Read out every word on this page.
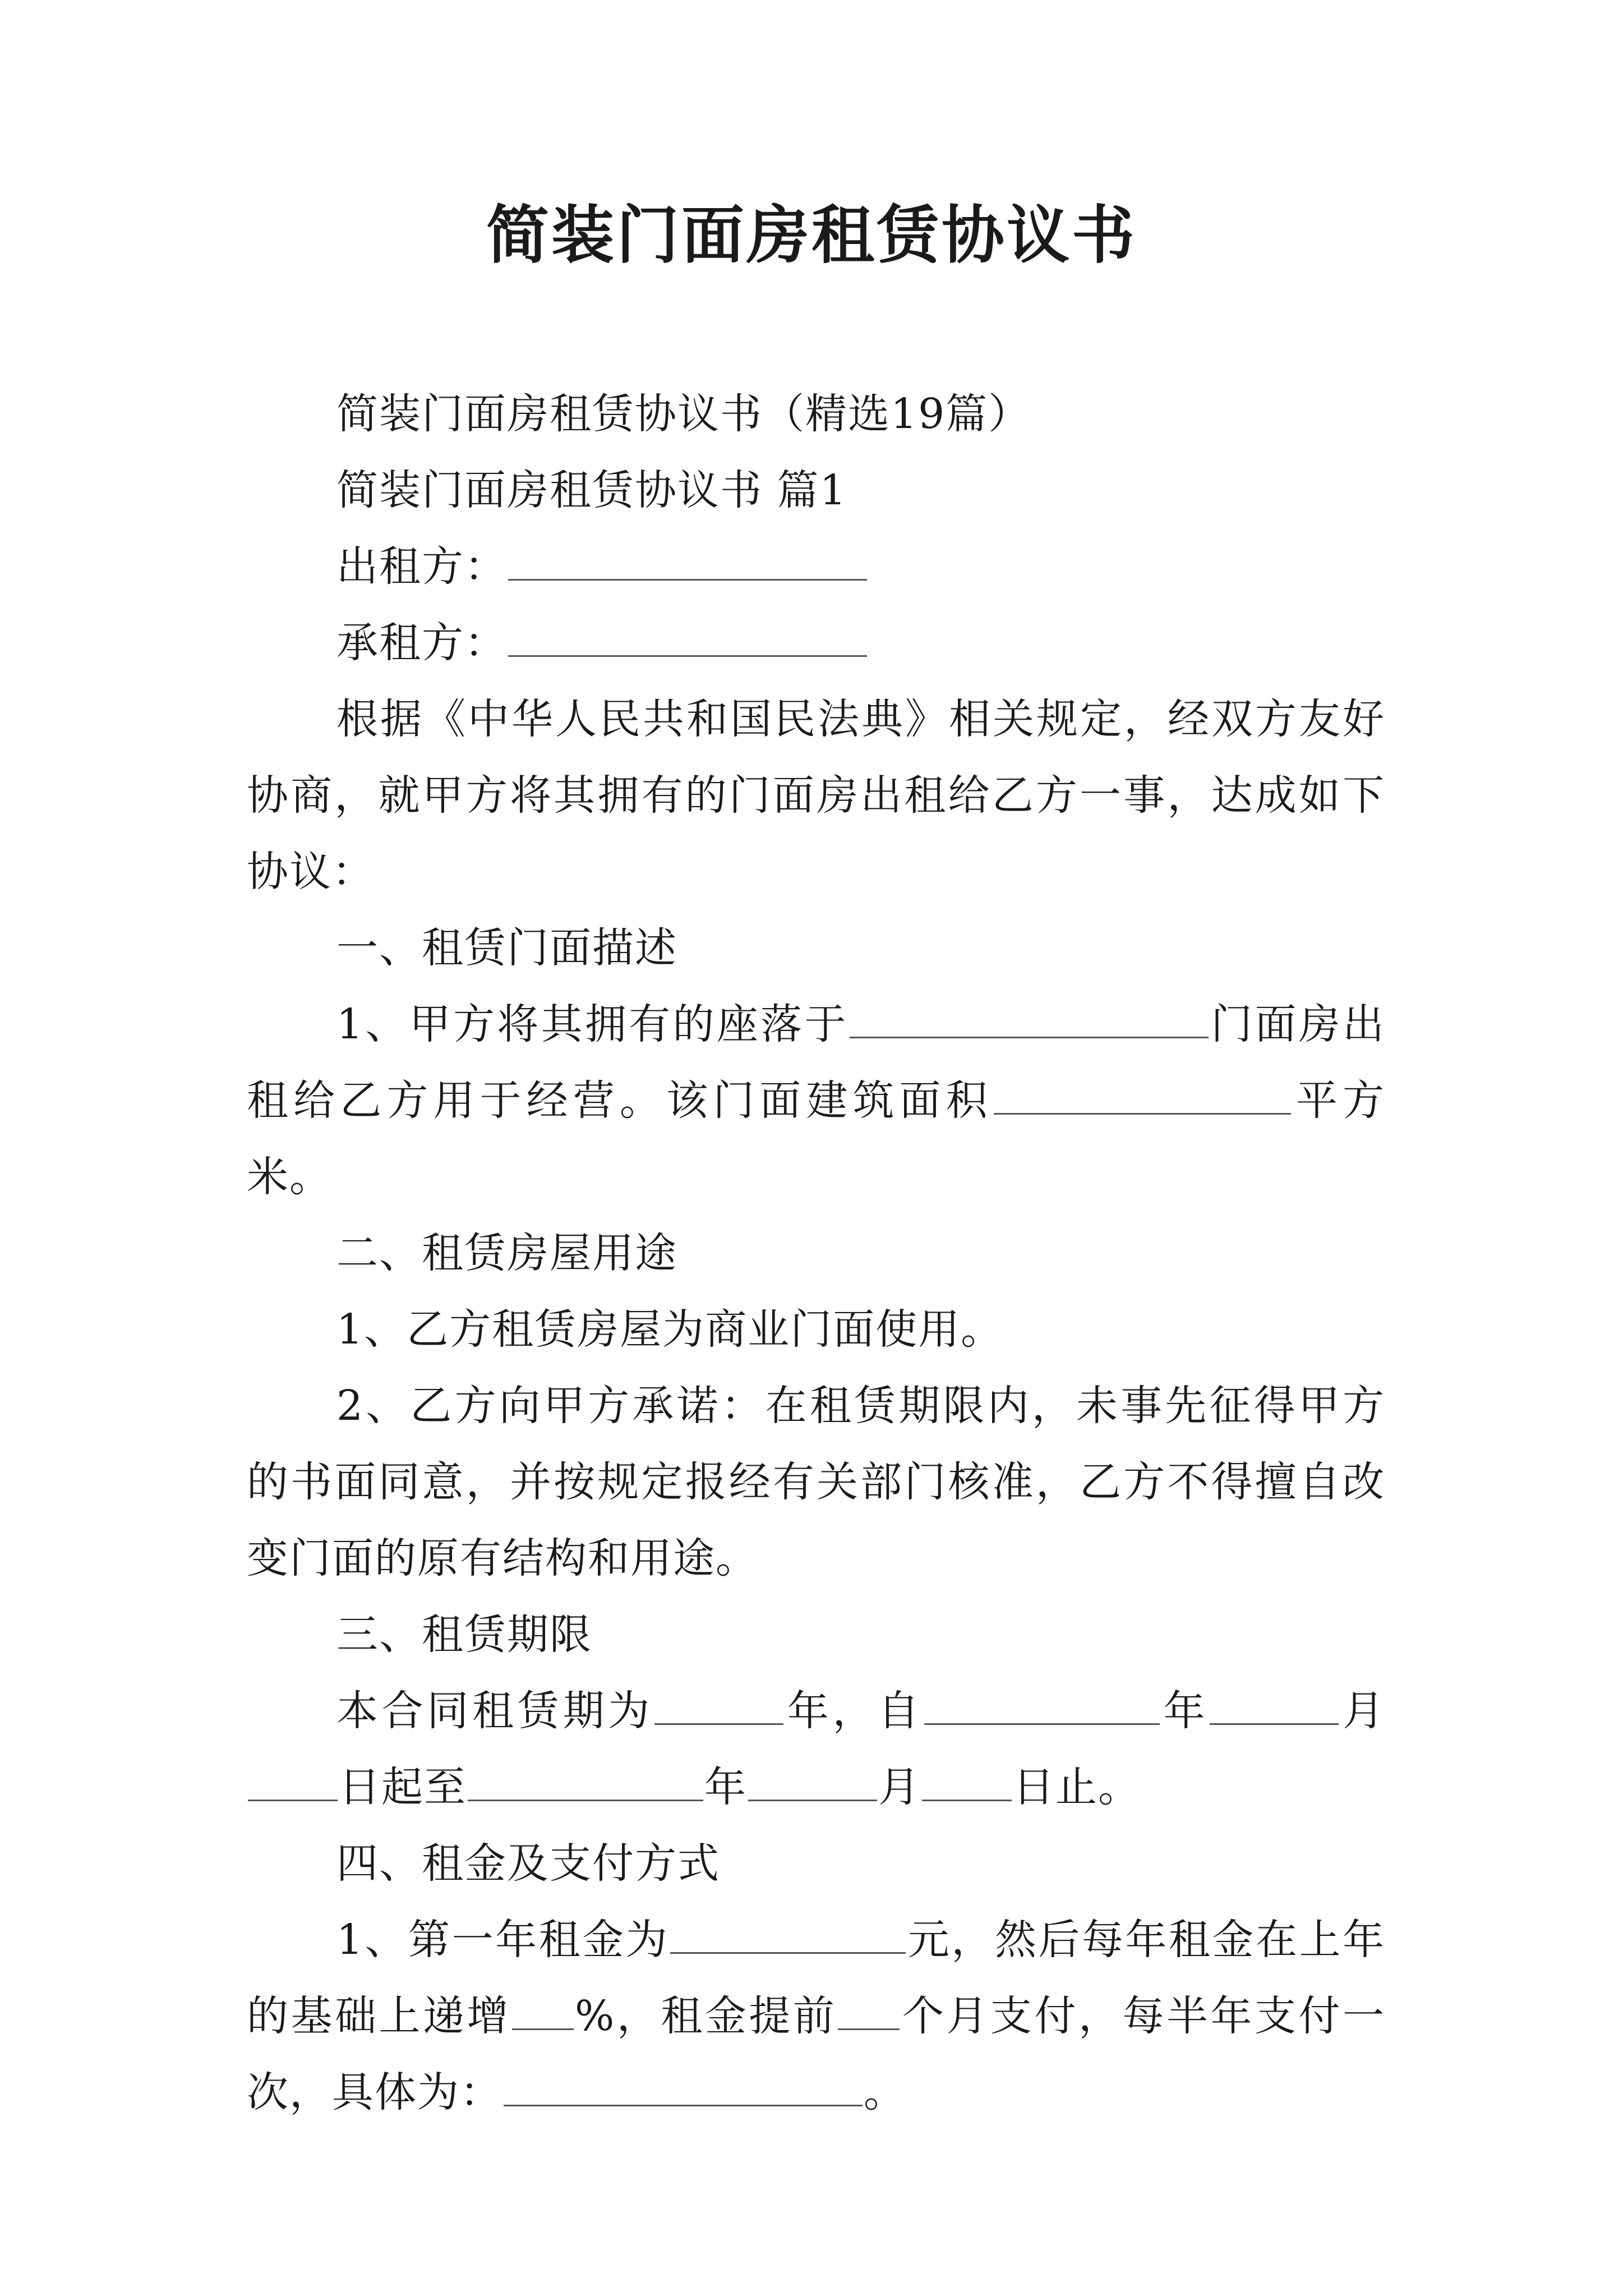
简装门面房租赁协议书

简装门面房租赁协议书（精选19篇）

简装门面房租赁协议书 篇1

出租方：

承租方：

根据《中华人民共和国民法典》相关规定，经双方友好协商，就甲方将其拥有的门面房出租给乙方一事，达成如下协议：

一、租赁门面描述

1、甲方将其拥有的座落于	门面房出租给乙方用于经营。该门面建筑面积	平方米。

二、租赁房屋用途

1、乙方租赁房屋为商业门面使用。

2、乙方向甲方承诺：在租赁期限内，未事先征得甲方的书面同意，并按规定报经有关部门核准，乙方不得擅自改变门面的原有结构和用途。

三、租赁期限

本合同租赁期为	年，自	年	月日起至	年	月 日止。

四、租金及支付方式

1、第一年租金为	元，然后每年租金在上年的基础上递增 %，租金提前 个月支付，每半年支付一次，具体为：	。
